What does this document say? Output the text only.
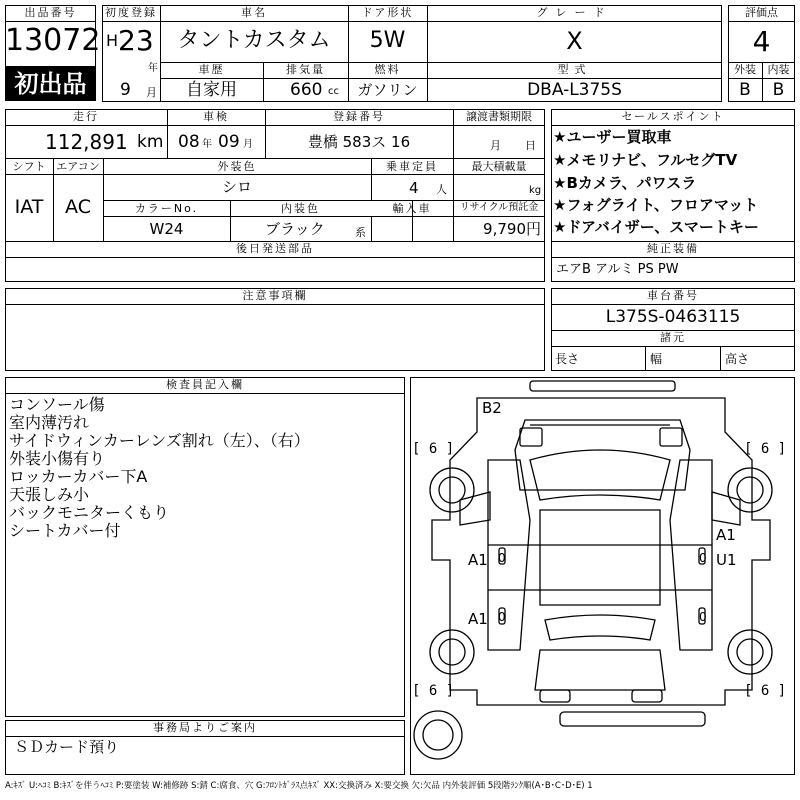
出品番号
13072
初出品
初度登録
H 23
年
9 月
車名
タントカスタム
ドア形状
5W
グレード
X
車歴
自家用
排気量
660 cc
燃料
ガソリン
型式
DBA-L375S
評価点
4
外装	内装
B	B
走行
112,891 km
車検
08 年 09 月
登録番号
豊橋 583ス 16
譲渡書類期限
月 日
シフト
IAT
エアコン
AC
外装色
シロ
乗車定員
4 人
最大積載量
kg
カラーNo.
W24
内装色
ブラック	系
輸入車	リサイクル預託金
9,790円
後日発送部品
セールスポイント
★ユーザー買取車
★メモリナビ、フルセグTV
★Bカメラ、パワスラ
★フォグライト、フロアマット
★ドアバイザー、スマートキー
純正装備
エアB アルミ PS PW
注意事項欄	車台番号
L375S-0463115
諸元
長さ	幅	高さ
検査員記入欄
コンソール傷
室内薄汚れ
サイドウィンカーレンズ割れ（左）、（右）
外装小傷有り
ロッカーカバー下A
天張しみ小
バックモニターくもり
シートカバー付
事務局よりご案内
ＳＤカード預り
B2
[ 6 ]	[ 6 ]
[ 6 ]	[ 6 ]
A1
A1
A1
U1
0
0
0
0
A:ｷｽﾞ U:ﾍｺﾐ B:ｷｽﾞを伴うﾍｺﾐ P:要塗装 W:補修跡 S:錆 C:腐食、穴 G:ﾌﾛﾝﾄｶﾞﾗｽ点ｷｽﾞ XX:交換済み X:要交換 欠:欠品 内外装評価 5段階ﾗﾝｸ順(A･B･C･D･E) 1
